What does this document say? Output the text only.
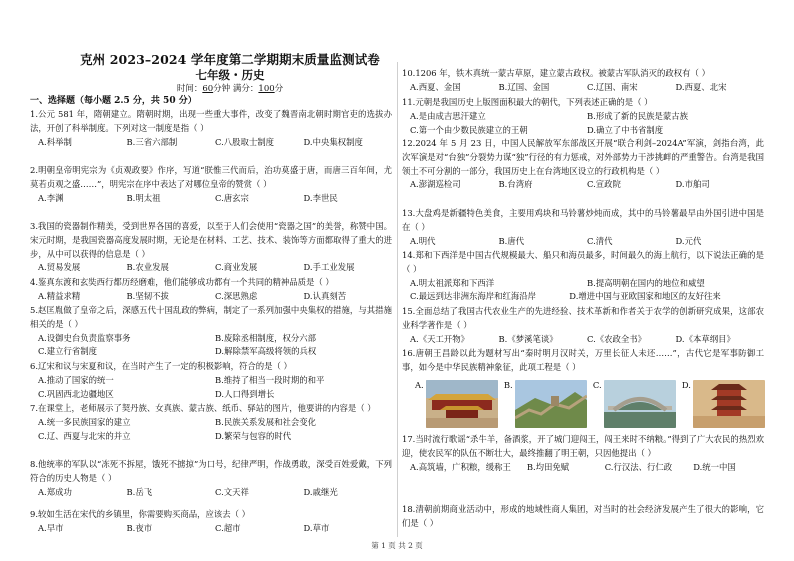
克州 2023–2024 学年度第二学期期末质量监测试卷
七年级・历史
时间：60分钟 满分：100分
一、选择题（每小题 2.5 分，共 50 分）
1.公元 581 年，隋朝建立。隋朝时期，出现一些重大事件，改变了魏晋南北朝时期官吏的选拔办法，开创了科举制度。下列对这一制度是指（ ）
A.科举制	B.三省六部制	C.八股取士制度	D.中央集权制度
2.明朝皇帝明宪宗为《贞观政要》作序，写道“朕惟三代而后，治功莫盛于唐，而唐三百年间，尤莫若贞观之盛……”，明宪宗在序中表达了对哪位皇帝的赞赏（ ）
A.李渊	B.明太祖	C.唐玄宗	D.李世民
3.我国的瓷器制作精美，受到世界各国的喜爱，以至于人们会使用“瓷器之国”的美誉，称赞中国。宋元时期，是我国瓷器高度发展时期，无论是在材料、工艺、技术、装饰等方面都取得了重大的进步，从中可以获得的信息是（ ）
A.贸易发展	B.农业发展	C.商业发展	D.手工业发展
4.鉴真东渡和玄奘西行都历经磨难，他们能够成功都有一个共同的精神品质是（ ）
A.精益求精	B.坚韧不拔	C.深思熟虑	D.认真刻苦
5.赵匡胤做了皇帝之后，深感五代十国乱政的弊病，制定了一系列加强中央集权的措施，与其措施相关的是（ ）
A.设御史台负责监察事务	B.废除丞相制度，权分六部
C.建立行省制度	D.解除禁军高级将领的兵权
6.辽宋和议与宋夏和议，在当时产生了一定的积极影响，符合的是（ ）
A.推动了国家的统一	B.维持了相当一段时期的和平
C.巩固西北边疆地区	D.人口得到增长
7.在课堂上，老师展示了契丹族、女真族、蒙古族、纸币、驿站的图片，他要讲的内容是（ ）
A.统一多民族国家的建立	B.民族关系发展和社会变化
C.辽、西夏与北宋的并立	D.繁荣与包容的时代
8.他统率的军队以“冻死不拆屋，饿死不掳掠”为口号，纪律严明，作战勇敢，深受百姓爱戴，下列符合的历史人物是（ ）
A.郑成功	B.岳飞	C.文天祥	D.戚继光
9.较如生活在宋代的乡镇里，你需要购买商品，应该去（ ）
A.早市	B.夜市	C.超市	D.草市
10.1206 年，铁木真统一蒙古草原，建立蒙古政权。被蒙古军队消灭的政权有（ ）
A.西夏、金国	B.辽国、金国	C.辽国、南宋	D.西夏、北宋
11.元朝是我国历史上版图面积最大的朝代，下列表述正确的是（ ）
A.是由成吉思汗建立	B.形成了新的民族是蒙古族
C.第一个由少数民族建立的王朝	D.确立了中书省制度
12.2024 年 5 月 23 日，中国人民解放军东部战区开展“联合利剑–2024A”军演，剑指台湾，此次军演是对“台独”分裂势力谋“独”行径的有力惩戒，对外部势力干涉挑衅的严重警告。台湾是我国领土不可分割的一部分，我国历史上在台湾地区设立的行政机构是（ ）
A.澎湖巡检司	B.台湾府	C.宣政院	D.市舶司
13.大盘鸡是新疆特色美食，主要用鸡块和马铃薯炒炖而成，其中的马铃薯最早由外国引进中国是在（ ）
A.明代	B.唐代	C.清代	D.元代
14.郑和下西洋是中国古代规模最大、船只和海员最多，时间最久的海上航行，以下说法正确的是（ ）
A.明太祖派郑和下西洋	B.提高明朝在国内的地位和威望
C.最远到达非洲东海岸和红海沿岸	D.增进中国与亚欧国家和地区的友好往来
15.全面总结了我国古代农业生产的先进经验、技术革新和作者关于农学的创新研究成果，这部农业科学著作是（ ）
A.《天工开物》	B.《梦溪笔谈》	C.《农政全书》	D.《本草纲目》
16.唐朝王昌龄以此为题材写出“秦时明月汉时关，万里长征人未还……”，古代它是军事防御工事，如今是中华民族精神象征，此项工程是（ ）
A.	B.	C.	D.
17.当时流行歌谣“杀牛羊，备酒浆，开了城门迎闯王，闯王来时不纳粮。”得到了广大农民的热烈欢迎，使农民军的队伍不断壮大，最终推翻了明王朝，只因他提出（ ）
A.高筑墙，广积粮，缓称王	B.均田免赋	C.行汉法、行仁政	D.统一中国
18.清朝前期商业活动中，形成的地域性商人集团，对当时的社会经济发展产生了很大的影响，它们是（ ）
第 1 页 共 2 页
